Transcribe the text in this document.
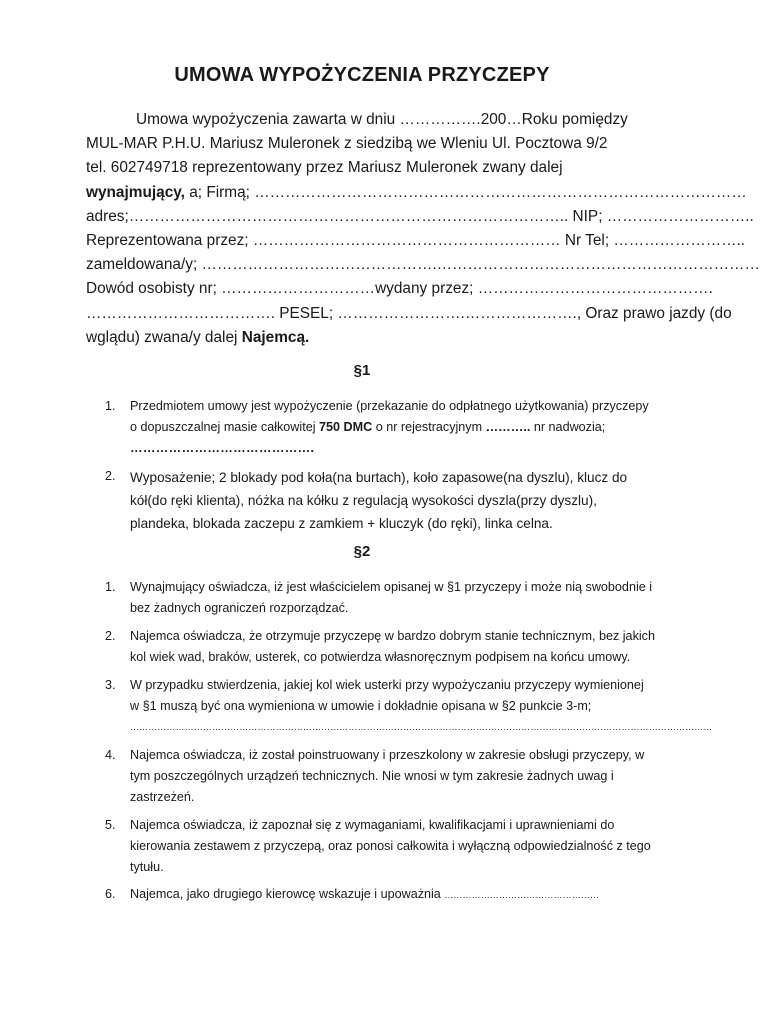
UMOWA WYPOŻYCZENIA PRZYCZEPY
Umowa wypożyczenia zawarta w dniu …………….200…Roku pomiędzy
MUL-MAR P.H.U. Mariusz Muleronek z siedzibą we Wleniu Ul. Pocztowa 9/2
tel. 602749718 reprezentowany przez Mariusz Muleronek zwany dalej
wynajmujący, a; Firmą; ……………………………………………………………………………………
adres;………………………………………………………………………….. NIP; ………………………..
Reprezentowana przez; …………………………………………………… Nr Tel; ……………………..
zameldowana/y; ……………………………………….………………………………………………………
Dowód osobisty nr; …………………………wydany przez; ……………………………………….
………………………………. PESEL; …………………….…………………., Oraz prawo jazdy (do
wglądu) zwana/y dalej Najemcą.
§1
1.	Przedmiotem umowy jest wypożyczenie (przekazanie do odpłatnego użytkowania) przyczepy
o dopuszczalnej masie całkowitej 750 DMC o nr rejestracyjnym ……….. nr nadwozia;
…………………………………….
2.	Wyposażenie; 2 blokady pod koła(na burtach), koło zapasowe(na dyszlu), klucz do
kół(do ręki klienta), nóżka na kółku z regulacją wysokości dyszla(przy dyszlu),
plandeka, blokada zaczepu z zamkiem + kluczyk (do ręki), linka celna.
§2
1.	Wynajmujący oświadcza, iż jest właścicielem opisanej w §1 przyczepy i może nią swobodnie i
bez żadnych ograniczeń rozporządzać.
2.	Najemca oświadcza, że otrzymuje przyczepę w bardzo dobrym stanie technicznym, bez jakich
kol wiek wad, braków, usterek, co potwierdza własnoręcznym podpisem na końcu umowy.
3.	W przypadku stwierdzenia, jakiej kol wiek usterki przy wypożyczaniu przyczepy wymienionej
w §1 muszą być ona wymieniona w umowie i dokładnie opisana w §2 punkcie 3-m;
…………………………………………………………………………………………………………………………………………………………………………
4.	Najemca oświadcza, iż został poinstruowany i przeszkolony w zakresie obsługi przyczepy, w
tym poszczególnych urządzeń technicznych. Nie wnosi w tym zakresie żadnych uwag i
zastrzeżeń.
5.	Najemca oświadcza, iż zapoznał się z wymaganiami, kwalifikacjami i uprawnieniami do
kierowania zestawem z przyczepą, oraz ponosi całkowita i wyłączną odpowiedzialność z tego
tytułu.
6.	Najemca, jako drugiego kierowcę wskazuje i upoważnia ……………………………………………
